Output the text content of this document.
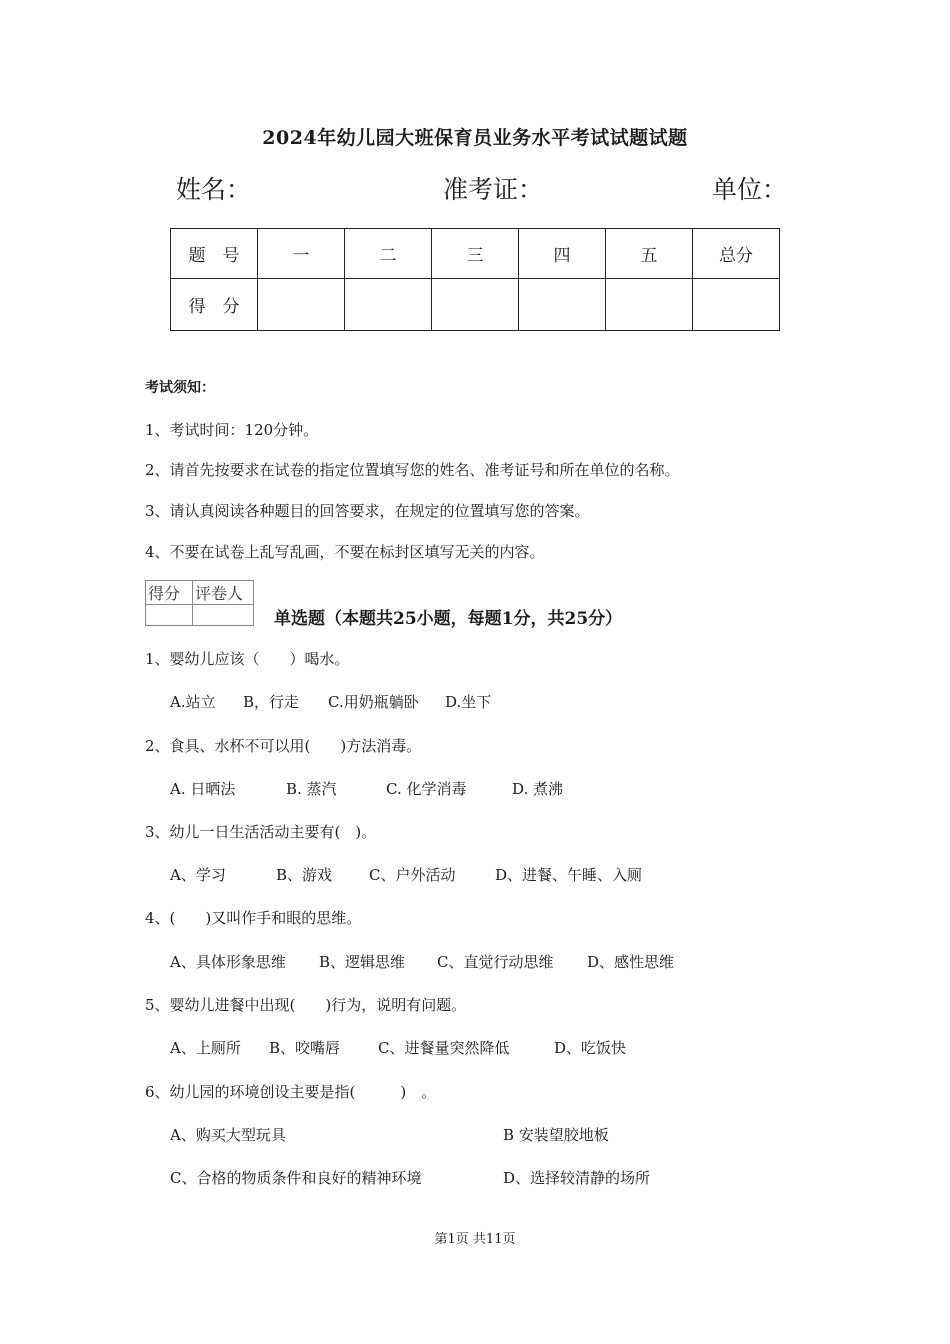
2024年幼儿园大班保育员业务水平考试试题试题
姓名：	准考证：	单位：
题　号	一	二	三	四	五	总分
得　分						
考试须知：
1、考试时间：120分钟。
2、请首先按要求在试卷的指定位置填写您的姓名、准考证号和所在单位的名称。
3、请认真阅读各种题目的回答要求，在规定的位置填写您的答案。
4、不要在试卷上乱写乱画，不要在标封区填写无关的内容。
得分	评卷人

单选题（本题共25小题，每题1分，共25分）
1、婴幼儿应该（　　）喝水。
A.站立 B，行走 C.用奶瓶躺卧 D.坐下
2、食具、水杯不可以用(　　)方法消毒。
A. 日晒法	B. 蒸汽	C. 化学消毒	D. 煮沸
3、幼儿一日生活活动主要有(　)。
A、学习	B、游戏 C、户外活动	D、进餐、午睡、入厕
4、(　　)又叫作手和眼的思维。
A、具体形象思维 B、逻辑思维 C、直觉行动思维 D、感性思维
5、婴幼儿进餐中出现(　　)行为，说明有问题。
A、上厕所 B、咬嘴唇	C、进餐量突然降低	D、吃饭快
6、幼儿园的环境创设主要是指(　　　)　。
A、购买大型玩具	B 安装望胶地板
C、合格的物质条件和良好的精神环境	D、选择较清静的场所
第1页 共11页
